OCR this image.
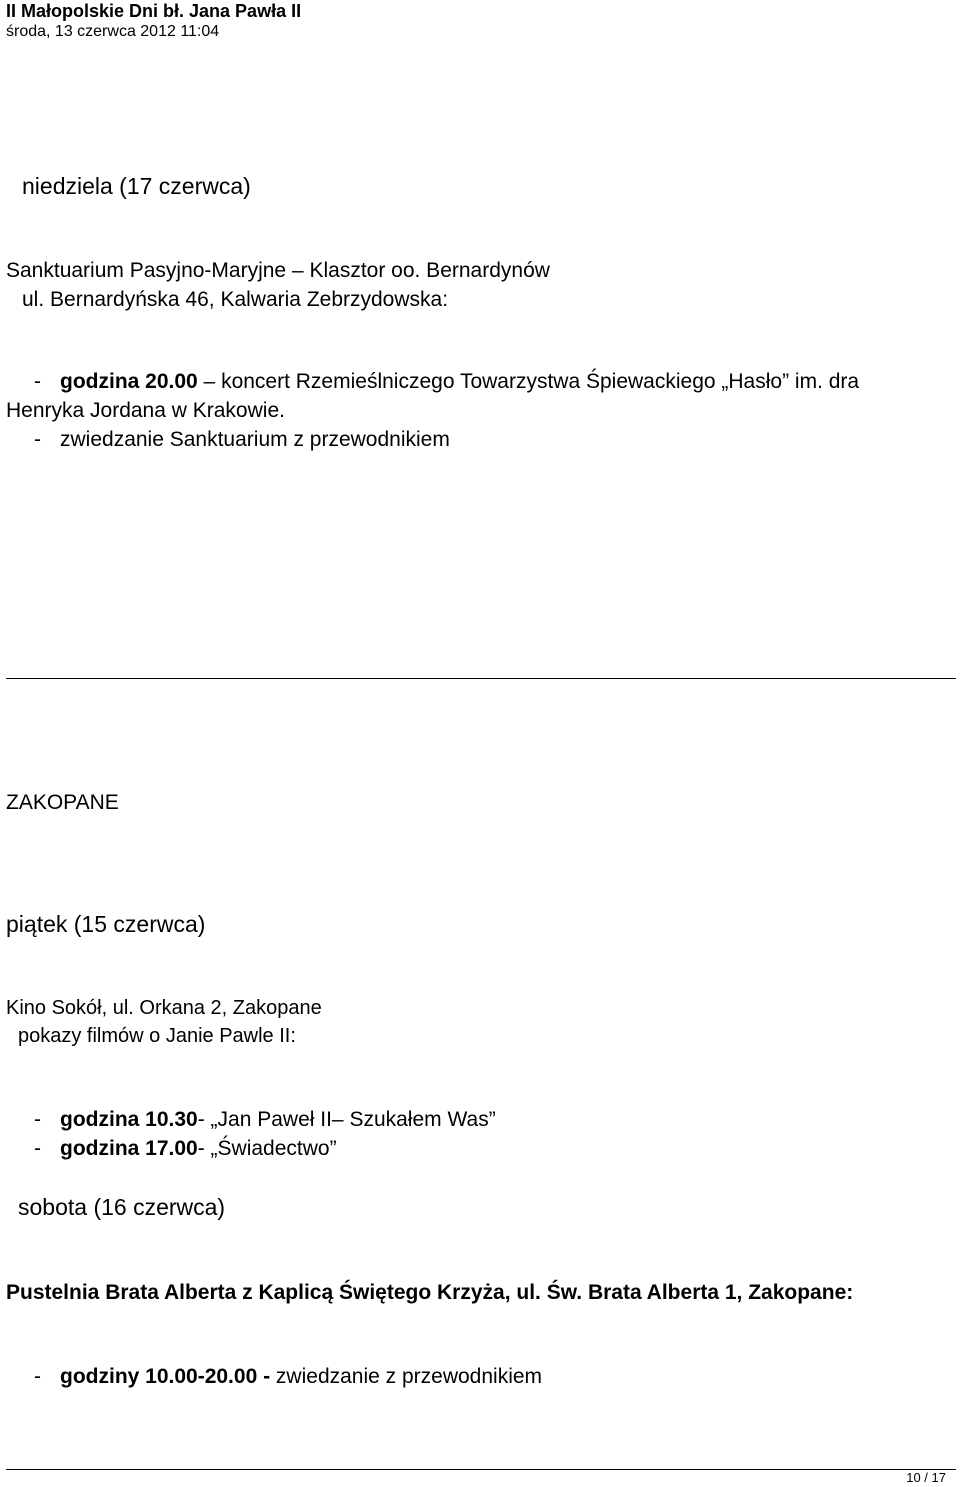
II Małopolskie Dni bł. Jana Pawła II
środa, 13 czerwca 2012 11:04
niedziela (17 czerwca)
Sanktuarium Pasyjno-Maryjne – Klasztor oo. Bernardynów
ul. Bernardyńska 46, Kalwaria Zebrzydowska:
- godzina 20.00 – koncert Rzemieślniczego Towarzystwa Śpiewackiego „Hasło” im. dra
Henryka Jordana w Krakowie.
- zwiedzanie Sanktuarium z przewodnikiem
ZAKOPANE
piątek (15 czerwca)
Kino Sokół, ul. Orkana 2, Zakopane
pokazy filmów o Janie Pawle II:
- godzina 10.30- „Jan Paweł II– Szukałem Was”
- godzina 17.00- „Świadectwo”
sobota (16 czerwca)
Pustelnia Brata Alberta z Kaplicą Świętego Krzyża, ul. Św. Brata Alberta 1, Zakopane:
- godziny 10.00-20.00 - zwiedzanie z przewodnikiem
10 / 17
